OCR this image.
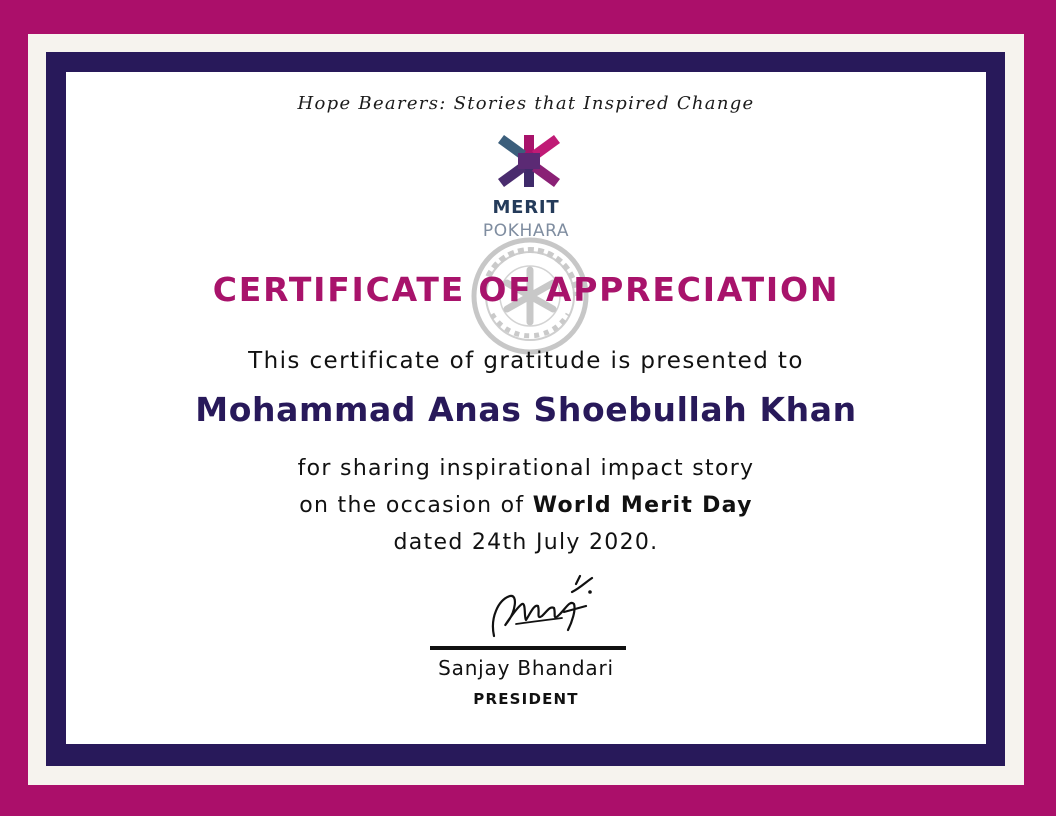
Hope Bearers: Stories that Inspired Change
MERIT
POKHARA
CERTIFICATE OF APPRECIATION
This certificate of gratitude is presented to
Mohammad Anas Shoebullah Khan
for sharing inspirational impact story
on the occasion of World Merit Day
dated 24th July 2020.
Sanjay Bhandari
PRESIDENT
